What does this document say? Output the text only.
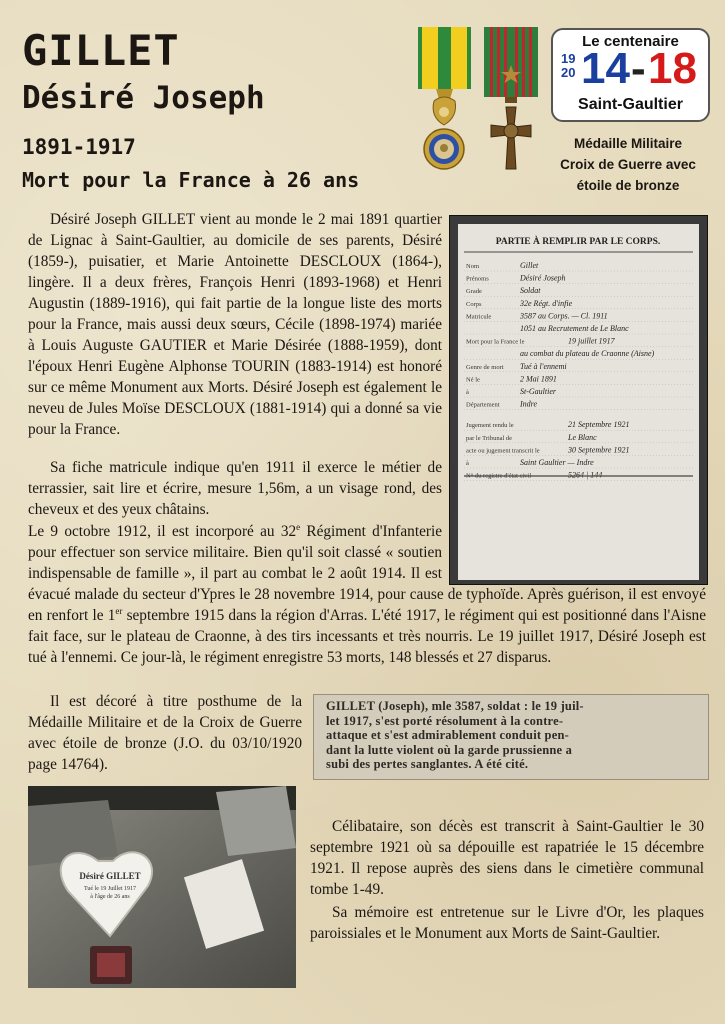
GILLET
Désiré Joseph
1891-1917
Mort pour la France à 26 ans
Le centenaire
19
20 14 - 18
Saint-Gaultier
Médaille Militaire
Croix de Guerre avec
étoile de bronze
PARTIE À REMPLIR PAR LE CORPS.
Nom	Gillet
Prénoms	Désiré Joseph
Grade	Soldat
Corps	32e Régt. d'infie
Matricule	3587 au Corps. — Cl. 1911
1051 au Recrutement de Le Blanc
Mort pour la France le	19 juillet 1917
au combat du plateau de Craonne (Aisne)
Genre de mort Tué à l'ennemi
Né le	2 Mai 1891
à	St-Gaultier
Département	Indre
Jugement rendu le	21 Septembre 1921
par le Tribunal de	Le Blanc
acte ou jugement transcrit le	30 Septembre 1921
à	Saint Gaultier — Indre
N° du registre d'état civil	5264 | 144
GILLET (Joseph), mle 3587, soldat : le 19 juil-
let 1917, s'est porté résolument à la contre-
attaque et s'est admirablement conduit pen-
dant la lutte violent où la garde prussienne a
subi des pertes sanglantes. A été cité.
Désiré GILLET
Tué le 19 Juillet 1917
à l'âge de 26 ans

Désiré Joseph GILLET vient au monde le 2 mai 1891 quartier de Lignac à Saint-Gaultier, au domicile de ses parents, Désiré (1859-), puisatier, et Marie Antoinette DESCLOUX (1864-), lingère. Il a deux frères, François Henri (1893-1968) et Henri Augustin (1889-1916), qui fait partie de la longue liste des morts pour la France, mais aussi deux sœurs, Cécile (1898-1974) mariée à Louis Auguste GAUTIER et Marie Désirée (1888-1959), dont l'époux Henri Eugène Alphonse TOURIN (1883-1914) est honoré sur ce même Monument aux Morts. Désiré Joseph est également le neveu de Jules Moïse DESCLOUX (1881-1914) qui a donné sa vie pour la France.

Sa fiche matricule indique qu'en 1911 il exerce le métier de terrassier, sait lire et écrire, mesure 1,56m, a un visage rond, des cheveux et des yeux châtains.

Le 9 octobre 1912, il est incorporé au 32e Régiment d'Infanterie pour effectuer son service militaire. Bien qu'il soit classé « soutien indispensable de famille », il part au combat le 2 août 1914. Il est évacué malade du secteur d'Ypres le 28 novembre 1914, pour cause de typhoïde. Après guérison, il est envoyé en renfort le 1er septembre 1915 dans la région d'Arras. L'été 1917, le régiment qui est positionné dans l'Aisne fait face, sur le plateau de Craonne, à des tirs incessants et très nourris. Le 19 juillet 1917, Désiré Joseph est tué à l'ennemi. Ce jour-là, le régiment enregistre 53 morts, 148 blessés et 27 disparus.

Il est décoré à titre posthume de la Médaille Militaire et de la Croix de Guerre avec étoile de bronze (J.O. du 03/10/1920 page 14764).

Célibataire, son décès est transcrit à Saint-Gaultier le 30 septembre 1921 où sa dépouille est rapatriée le 15 décembre 1921. Il repose auprès des siens dans le cimetière communal tombe 1-49.

Sa mémoire est entretenue sur le Livre d'Or, les plaques paroissiales et le Monument aux Morts de Saint-Gaultier.
